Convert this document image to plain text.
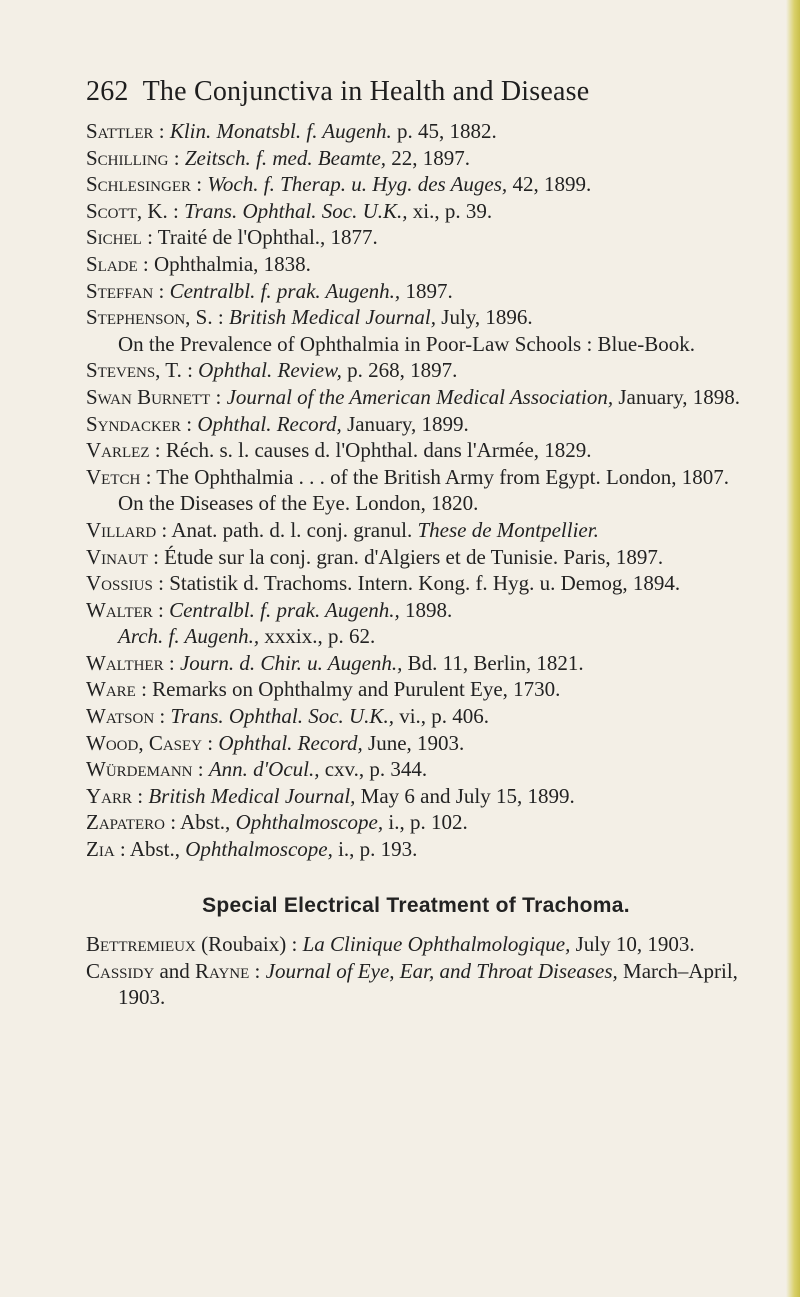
262 The Conjunctiva in Health and Disease
Sattler : Klin. Monatsbl. f. Augenh. p. 45, 1882.
Schilling : Zeitsch. f. med. Beamte, 22, 1897.
Schlesinger : Woch. f. Therap. u. Hyg. des Auges, 42, 1899.
Scott, K. : Trans. Ophthal. Soc. U.K., xi., p. 39.
Sichel : Traité de l'Ophthal., 1877.
Slade : Ophthalmia, 1838.
Steffan : Centralbl. f. prak. Augenh., 1897.
Stephenson, S. : British Medical Journal, July, 1896.
On the Prevalence of Ophthalmia in Poor-Law Schools : Blue-Book.
Stevens, T. : Ophthal. Review, p. 268, 1897.
Swan Burnett : Journal of the American Medical Association, January, 1898.
Syndacker : Ophthal. Record, January, 1899.
Varlez : Réch. s. l. causes d. l'Ophthal. dans l'Armée, 1829.
Vetch : The Ophthalmia . . . of the British Army from Egypt. London, 1807.
On the Diseases of the Eye. London, 1820.
Villard : Anat. path. d. l. conj. granul. These de Montpellier.
Vinaut : Étude sur la conj. gran. d'Algiers et de Tunisie. Paris, 1897.
Vossius : Statistik d. Trachoms. Intern. Kong. f. Hyg. u. Demog, 1894.
Walter : Centralbl. f. prak. Augenh., 1898.
Arch. f. Augenh., xxxix., p. 62.
Walther : Journ. d. Chir. u. Augenh., Bd. 11, Berlin, 1821.
Ware : Remarks on Ophthalmy and Purulent Eye, 1730.
Watson : Trans. Ophthal. Soc. U.K., vi., p. 406.
Wood, Casey : Ophthal. Record, June, 1903.
Würdemann : Ann. d'Ocul., cxv., p. 344.
Yarr : British Medical Journal, May 6 and July 15, 1899.
Zapatero : Abst., Ophthalmoscope, i., p. 102.
Zia : Abst., Ophthalmoscope, i., p. 193.
Special Electrical Treatment of Trachoma.
Bettremieux (Roubaix) : La Clinique Ophthalmologique, July 10, 1903.
Cassidy and Rayne : Journal of Eye, Ear, and Throat Diseases, March–April, 1903.
